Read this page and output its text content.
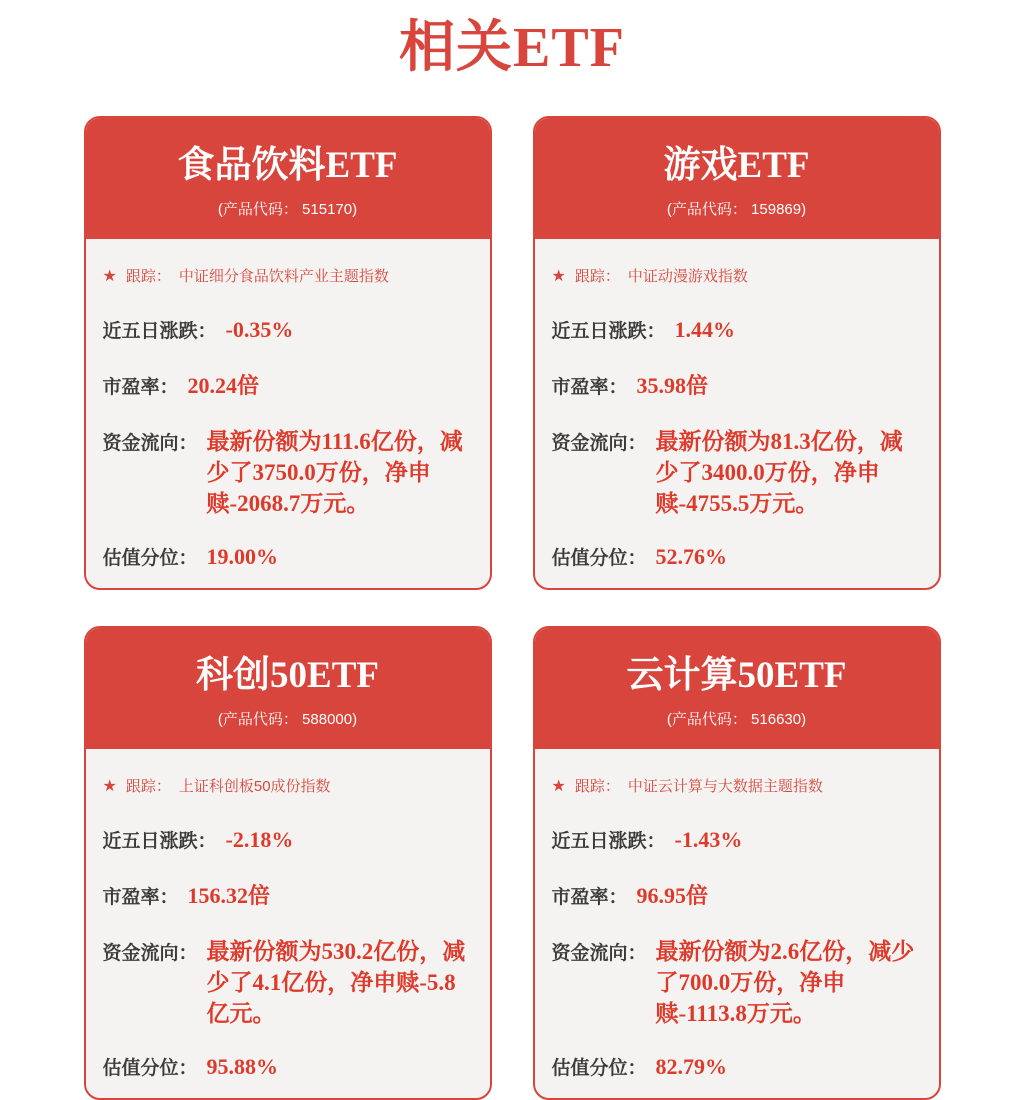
相关ETF
食品饮料ETF
(产品代码： 515170)
★ 跟踪： 中证细分食品饮料产业主题指数
近五日涨跌： -0.35%
市盈率： 20.24倍
资金流向： 最新份额为111.6亿份，减少了3750.0万份，净申赎-2068.7万元。
估值分位： 19.00%
游戏ETF
(产品代码： 159869)
★ 跟踪： 中证动漫游戏指数
近五日涨跌： 1.44%
市盈率： 35.98倍
资金流向： 最新份额为81.3亿份，减少了3400.0万份，净申赎-4755.5万元。
估值分位： 52.76%
科创50ETF
(产品代码： 588000)
★ 跟踪： 上证科创板50成份指数
近五日涨跌： -2.18%
市盈率： 156.32倍
资金流向： 最新份额为530.2亿份，减少了4.1亿份，净申赎-5.8亿元。
估值分位： 95.88%
云计算50ETF
(产品代码： 516630)
★ 跟踪： 中证云计算与大数据主题指数
近五日涨跌： -1.43%
市盈率： 96.95倍
资金流向： 最新份额为2.6亿份，减少了700.0万份，净申赎-1113.8万元。
估值分位： 82.79%
